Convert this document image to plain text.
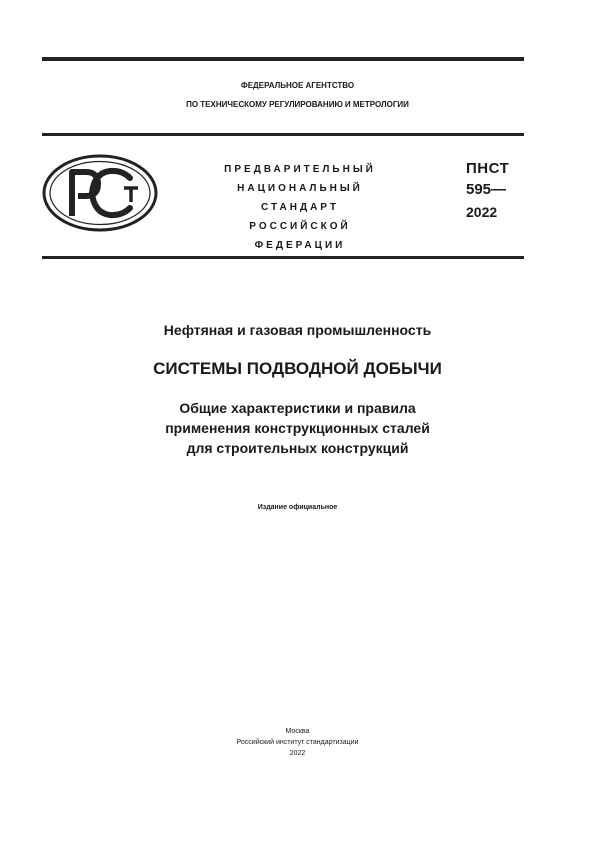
ФЕДЕРАЛЬНОЕ АГЕНТСТВО
ПО ТЕХНИЧЕСКОМУ РЕГУЛИРОВАНИЮ И МЕТРОЛОГИИ
ПРЕДВАРИТЕЛЬНЫЙ
НАЦИОНАЛЬНЫЙ
СТАНДАРТ
РОССИЙСКОЙ
ФЕДЕРАЦИИ
ПНСТ
595—
2022
Нефтяная и газовая промышленность
СИСТЕМЫ ПОДВОДНОЙ ДОБЫЧИ
Общие характеристики и правила
применения конструкционных сталей
для строительных конструкций
Издание официальное
Москва
Российский институт стандартизации
2022
